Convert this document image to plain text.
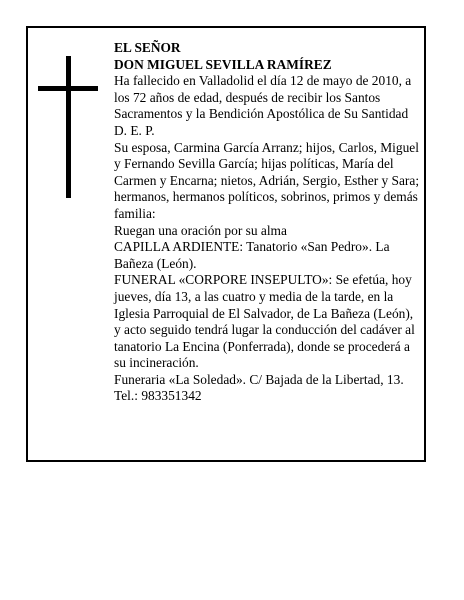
EL SEÑOR

DON MIGUEL SEVILLA RAMÍREZ

Ha fallecido en Valladolid el día 12 de mayo de 2010, a los 72 años de edad, después de recibir los Santos Sacramentos y la Bendición Apostólica de Su Santidad D. E. P.

Su esposa, Carmina García Arranz; hijos, Carlos, Miguel y Fernando Sevilla García; hijas políticas, María del Carmen y Encarna; nietos, Adrián, Sergio, Esther y Sara; hermanos, hermanos políticos, sobrinos, primos y demás familia:

Ruegan una oración por su alma

CAPILLA ARDIENTE: Tanatorio «San Pedro». La Bañeza (León).

FUNERAL «CORPORE INSEPULTO»: Se efetúa, hoy jueves, día 13, a las cuatro y media de la tarde, en la Iglesia Parroquial de El Salvador, de La Bañeza (León), y acto seguido tendrá lugar la conducción del cadáver al tanatorio La Encina (Ponferrada), donde se procederá a su incineración.

Funeraria «La Soledad». C/ Bajada de la Libertad, 13. Tel.: 983351342
